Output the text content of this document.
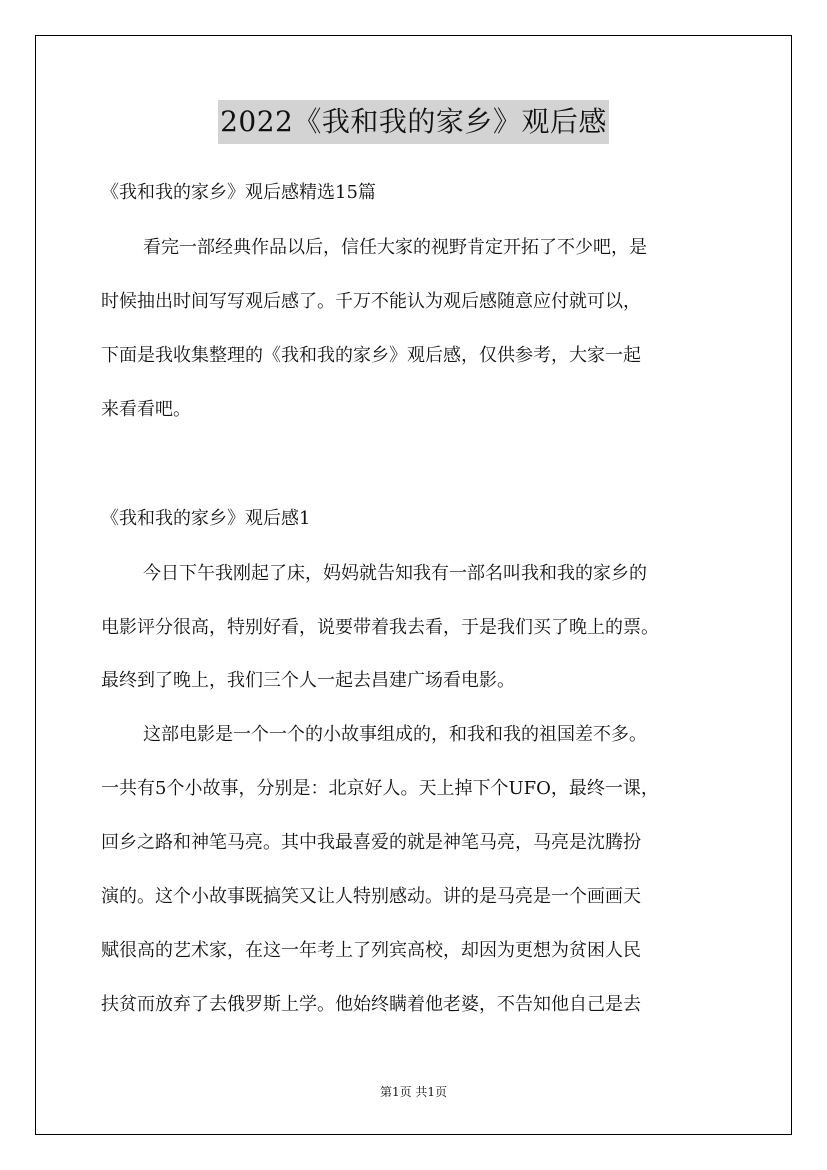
2022《我和我的家乡》观后感
《我和我的家乡》观后感精选15篇
看完一部经典作品以后，信任大家的视野肯定开拓了不少吧，是
时候抽出时间写写观后感了。千万不能认为观后感随意应付就可以，
下面是我收集整理的《我和我的家乡》观后感，仅供参考，大家一起
来看看吧。
《我和我的家乡》观后感1
今日下午我刚起了床，妈妈就告知我有一部名叫我和我的家乡的
电影评分很高，特别好看，说要带着我去看，于是我们买了晚上的票。
最终到了晚上，我们三个人一起去昌建广场看电影。
这部电影是一个一个的小故事组成的，和我和我的祖国差不多。
一共有5个小故事，分别是：北京好人。天上掉下个UFO，最终一课，
回乡之路和神笔马亮。其中我最喜爱的就是神笔马亮，马亮是沈腾扮
演的。这个小故事既搞笑又让人特别感动。讲的是马亮是一个画画天
赋很高的艺术家，在这一年考上了列宾高校，却因为更想为贫困人民
扶贫而放弃了去俄罗斯上学。他始终瞒着他老婆，不告知他自己是去
第1页 共1页
